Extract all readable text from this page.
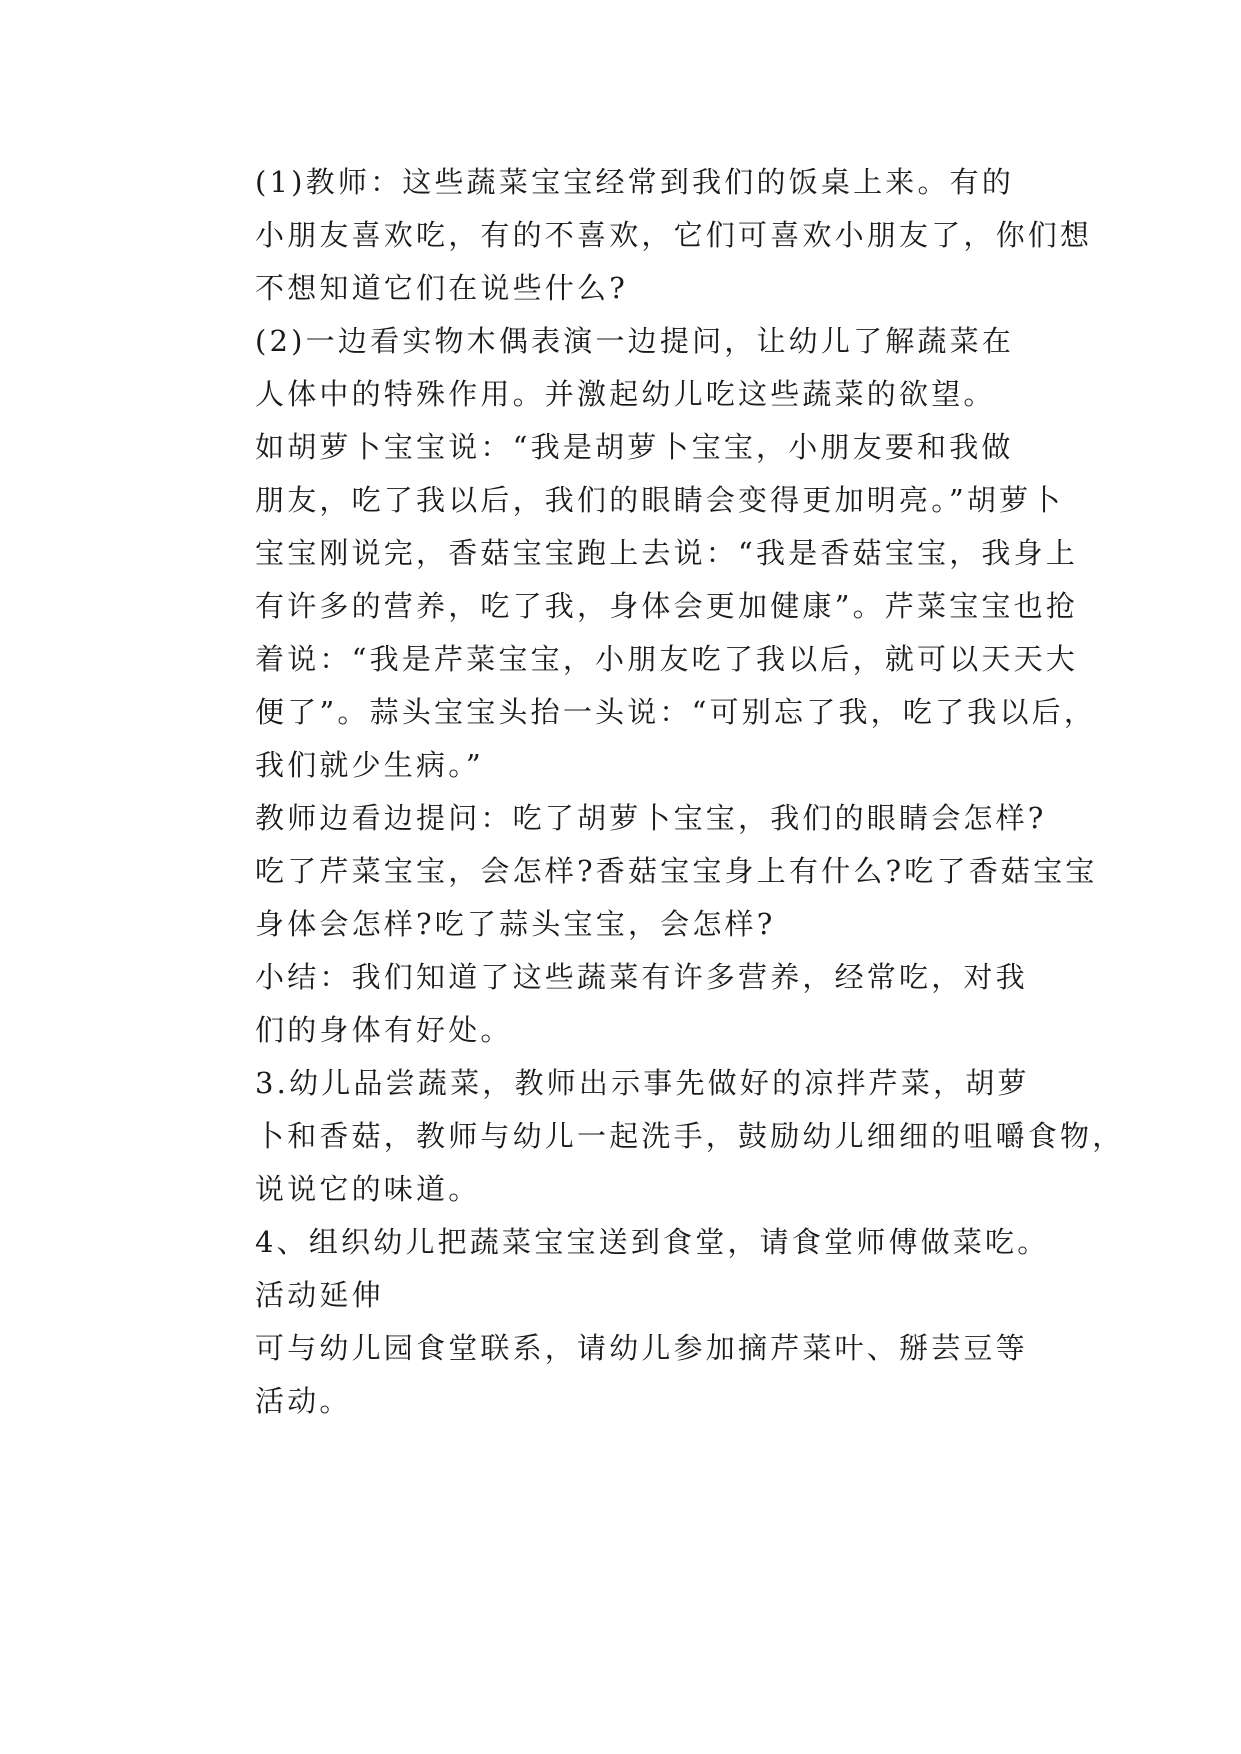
(1)教师：这些蔬菜宝宝经常到我们的饭桌上来。有的
小朋友喜欢吃，有的不喜欢，它们可喜欢小朋友了，你们想
不想知道它们在说些什么?

(2)一边看实物木偶表演一边提问，让幼儿了解蔬菜在
人体中的特殊作用。并激起幼儿吃这些蔬菜的欲望。

如胡萝卜宝宝说：“我是胡萝卜宝宝，小朋友要和我做
朋友，吃了我以后，我们的眼睛会变得更加明亮。”胡萝卜
宝宝刚说完，香菇宝宝跑上去说：“我是香菇宝宝，我身上
有许多的营养，吃了我，身体会更加健康”。芹菜宝宝也抢
着说：“我是芹菜宝宝，小朋友吃了我以后，就可以天天大
便了”。蒜头宝宝头抬一头说：“可别忘了我，吃了我以后，
我们就少生病。”

教师边看边提问：吃了胡萝卜宝宝，我们的眼睛会怎样?
吃了芹菜宝宝，会怎样?香菇宝宝身上有什么?吃了香菇宝宝
身体会怎样?吃了蒜头宝宝，会怎样?

小结：我们知道了这些蔬菜有许多营养，经常吃，对我
们的身体有好处。

3.幼儿品尝蔬菜，教师出示事先做好的凉拌芹菜，胡萝
卜和香菇，教师与幼儿一起洗手，鼓励幼儿细细的咀嚼食物，
说说它的味道。

4、组织幼儿把蔬菜宝宝送到食堂，请食堂师傅做菜吃。

活动延伸

可与幼儿园食堂联系，请幼儿参加摘芹菜叶、掰芸豆等
活动。
